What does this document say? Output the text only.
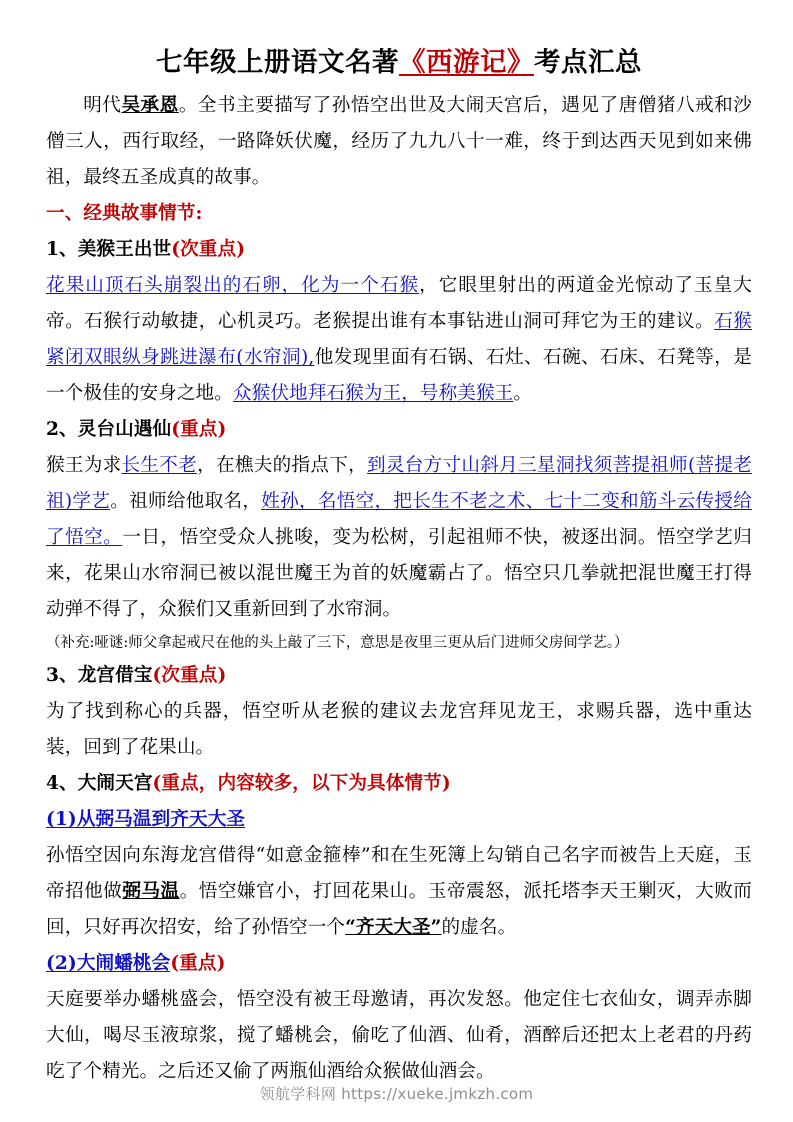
七年级上册语文名著《西游记》考点汇总

明代吴承恩。全书主要描写了孙悟空出世及大闹天宫后，遇见了唐僧猪八戒和沙僧三人，西行取经，一路降妖伏魔，经历了九九八十一难，终于到达西天见到如来佛祖，最终五圣成真的故事。

一、经典故事情节:

1、美猴王出世(次重点)

花果山顶石头崩裂出的石卵，化为一个石猴，它眼里射出的两道金光惊动了玉皇大帝。石猴行动敏捷，心机灵巧。老猴提出谁有本事钻进山洞可拜它为王的建议。石猴紧闭双眼纵身跳进瀑布(水帘洞),他发现里面有石锅、石灶、石碗、石床、石凳等，是一个极佳的安身之地。众猴伏地拜石猴为王，号称美猴王。

2、灵台山遇仙(重点)

猴王为求长生不老，在樵夫的指点下，到灵台方寸山斜月三星洞找须菩提祖师(菩提老祖)学艺。祖师给他取名，姓孙，名悟空，把长生不老之术、七十二变和筋斗云传授给了悟空。一日，悟空受众人挑唆，变为松树，引起祖师不快，被逐出洞。悟空学艺归来，花果山水帘洞已被以混世魔王为首的妖魔霸占了。悟空只几拳就把混世魔王打得动弹不得了，众猴们又重新回到了水帘洞。

（补充:哑谜:师父拿起戒尺在他的头上敲了三下，意思是夜里三更从后门进师父房间学艺。）

3、龙宫借宝(次重点)

为了找到称心的兵器，悟空听从老猴的建议去龙宫拜见龙王，求赐兵器，选中重达装，回到了花果山。

4、大闹天宫(重点，内容较多，以下为具体情节)

(1)从弼马温到齐天大圣

孙悟空因向东海龙宫借得“如意金箍棒”和在生死簿上勾销自己名字而被告上天庭，玉帝招他做弼马温。悟空嫌官小，打回花果山。玉帝震怒，派托塔李天王剿灭，大败而回，只好再次招安，给了孙悟空一个“齐天大圣”的虚名。

(2)大闹蟠桃会(重点)

天庭要举办蟠桃盛会，悟空没有被王母邀请，再次发怒。他定住七衣仙女，调弄赤脚大仙，喝尽玉液琼浆，搅了蟠桃会，偷吃了仙酒、仙肴，酒醉后还把太上老君的丹药吃了个精光。之后还又偷了两瓶仙酒给众猴做仙酒会。

领航学科网 https://xueke.jmkzh.com
